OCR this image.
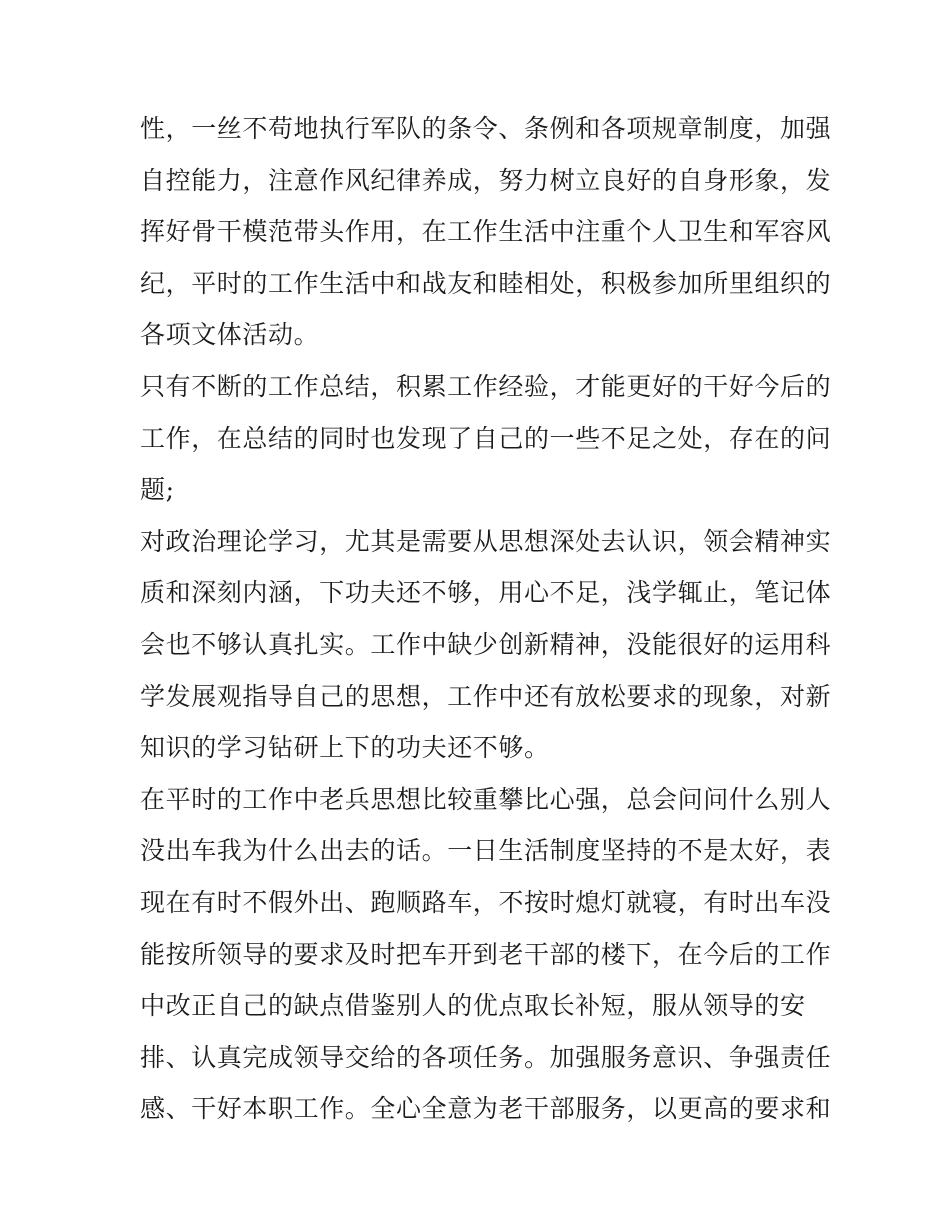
性，一丝不苟地执行军队的条令、条例和各项规章制度，加强
自控能力，注意作风纪律养成，努力树立良好的自身形象，发
挥好骨干模范带头作用，在工作生活中注重个人卫生和军容风
纪，平时的工作生活中和战友和睦相处，积极参加所里组织的
各项文体活动。
只有不断的工作总结，积累工作经验，才能更好的干好今后的
工作，在总结的同时也发现了自己的一些不足之处，存在的问
题;
对政治理论学习，尤其是需要从思想深处去认识，领会精神实
质和深刻内涵，下功夫还不够，用心不足，浅学辄止，笔记体
会也不够认真扎实。工作中缺少创新精神，没能很好的运用科
学发展观指导自己的思想，工作中还有放松要求的现象，对新
知识的学习钻研上下的功夫还不够。
在平时的工作中老兵思想比较重攀比心强，总会问问什么别人
没出车我为什么出去的话。一日生活制度坚持的不是太好，表
现在有时不假外出、跑顺路车，不按时熄灯就寝，有时出车没
能按所领导的要求及时把车开到老干部的楼下，在今后的工作
中改正自己的缺点借鉴别人的优点取长补短，服从领导的安
排、认真完成领导交给的各项任务。加强服务意识、争强责任
感、干好本职工作。全心全意为老干部服务，以更高的要求和
